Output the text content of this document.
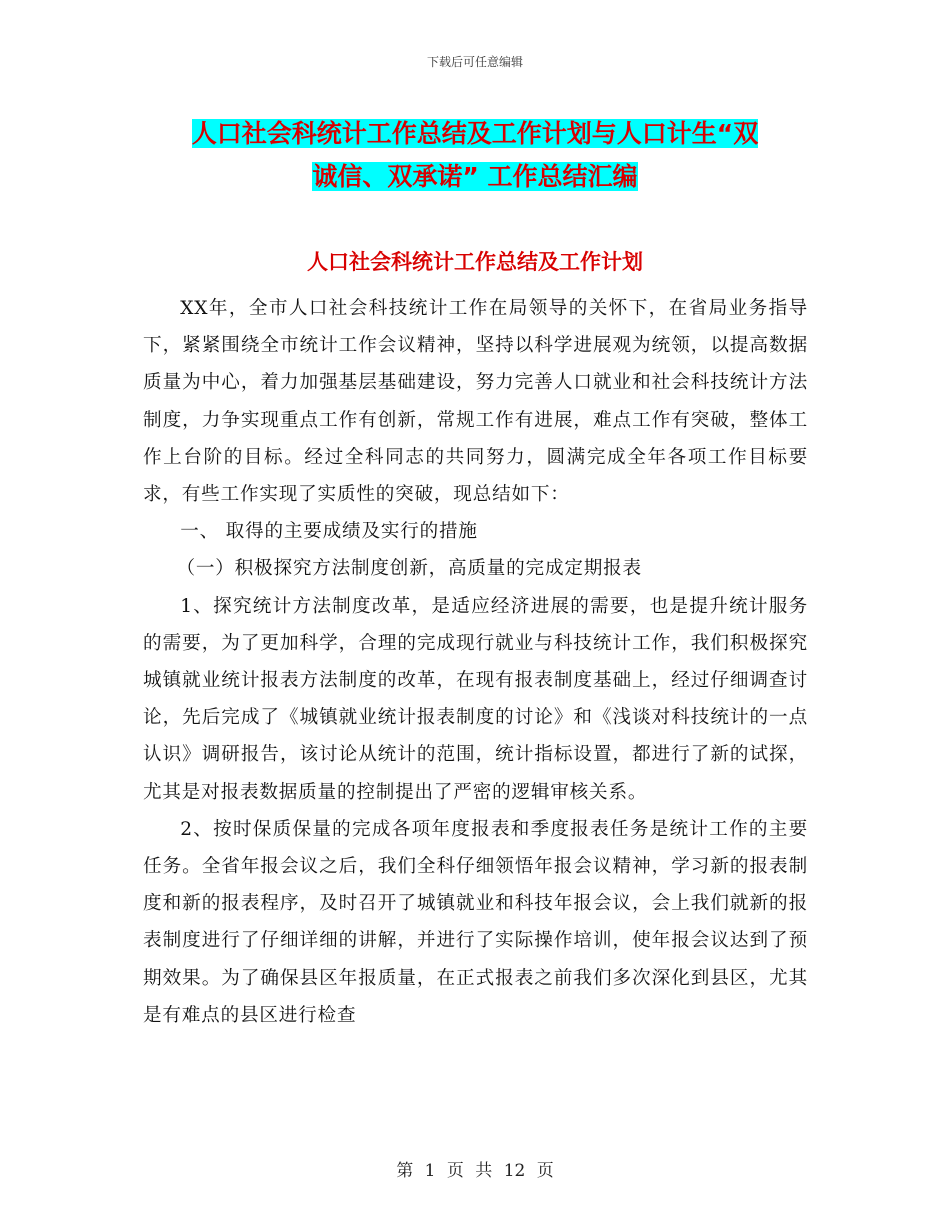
下载后可任意编辑
人口社会科统计工作总结及工作计划与人口计生“双
诚信、双承诺” 工作总结汇编
人口社会科统计工作总结及工作计划

XX年，全市人口社会科技统计工作在局领导的关怀下，在省局业务指导下，紧紧围绕全市统计工作会议精神，坚持以科学进展观为统领，以提高数据质量为中心，着力加强基层基础建设，努力完善人口就业和社会科技统计方法制度，力争实现重点工作有创新，常规工作有进展，难点工作有突破，整体工作上台阶的目标。经过全科同志的共同努力，圆满完成全年各项工作目标要求，有些工作实现了实质性的突破，现总结如下：

一、 取得的主要成绩及实行的措施

（一）积极探究方法制度创新，高质量的完成定期报表

1、探究统计方法制度改革，是适应经济进展的需要，也是提升统计服务的需要，为了更加科学，合理的完成现行就业与科技统计工作，我们积极探究城镇就业统计报表方法制度的改革，在现有报表制度基础上，经过仔细调查讨论，先后完成了《城镇就业统计报表制度的讨论》和《浅谈对科技统计的一点认识》调研报告，该讨论从统计的范围，统计指标设置，都进行了新的试探，尤其是对报表数据质量的控制提出了严密的逻辑审核关系。

2、按时保质保量的完成各项年度报表和季度报表任务是统计工作的主要任务。全省年报会议之后，我们全科仔细领悟年报会议精神，学习新的报表制度和新的报表程序，及时召开了城镇就业和科技年报会议，会上我们就新的报表制度进行了仔细详细的讲解，并进行了实际操作培训，使年报会议达到了预期效果。为了确保县区年报质量，在正式报表之前我们多次深化到县区，尤其是有难点的县区进行检查

第 1 页 共 12 页
